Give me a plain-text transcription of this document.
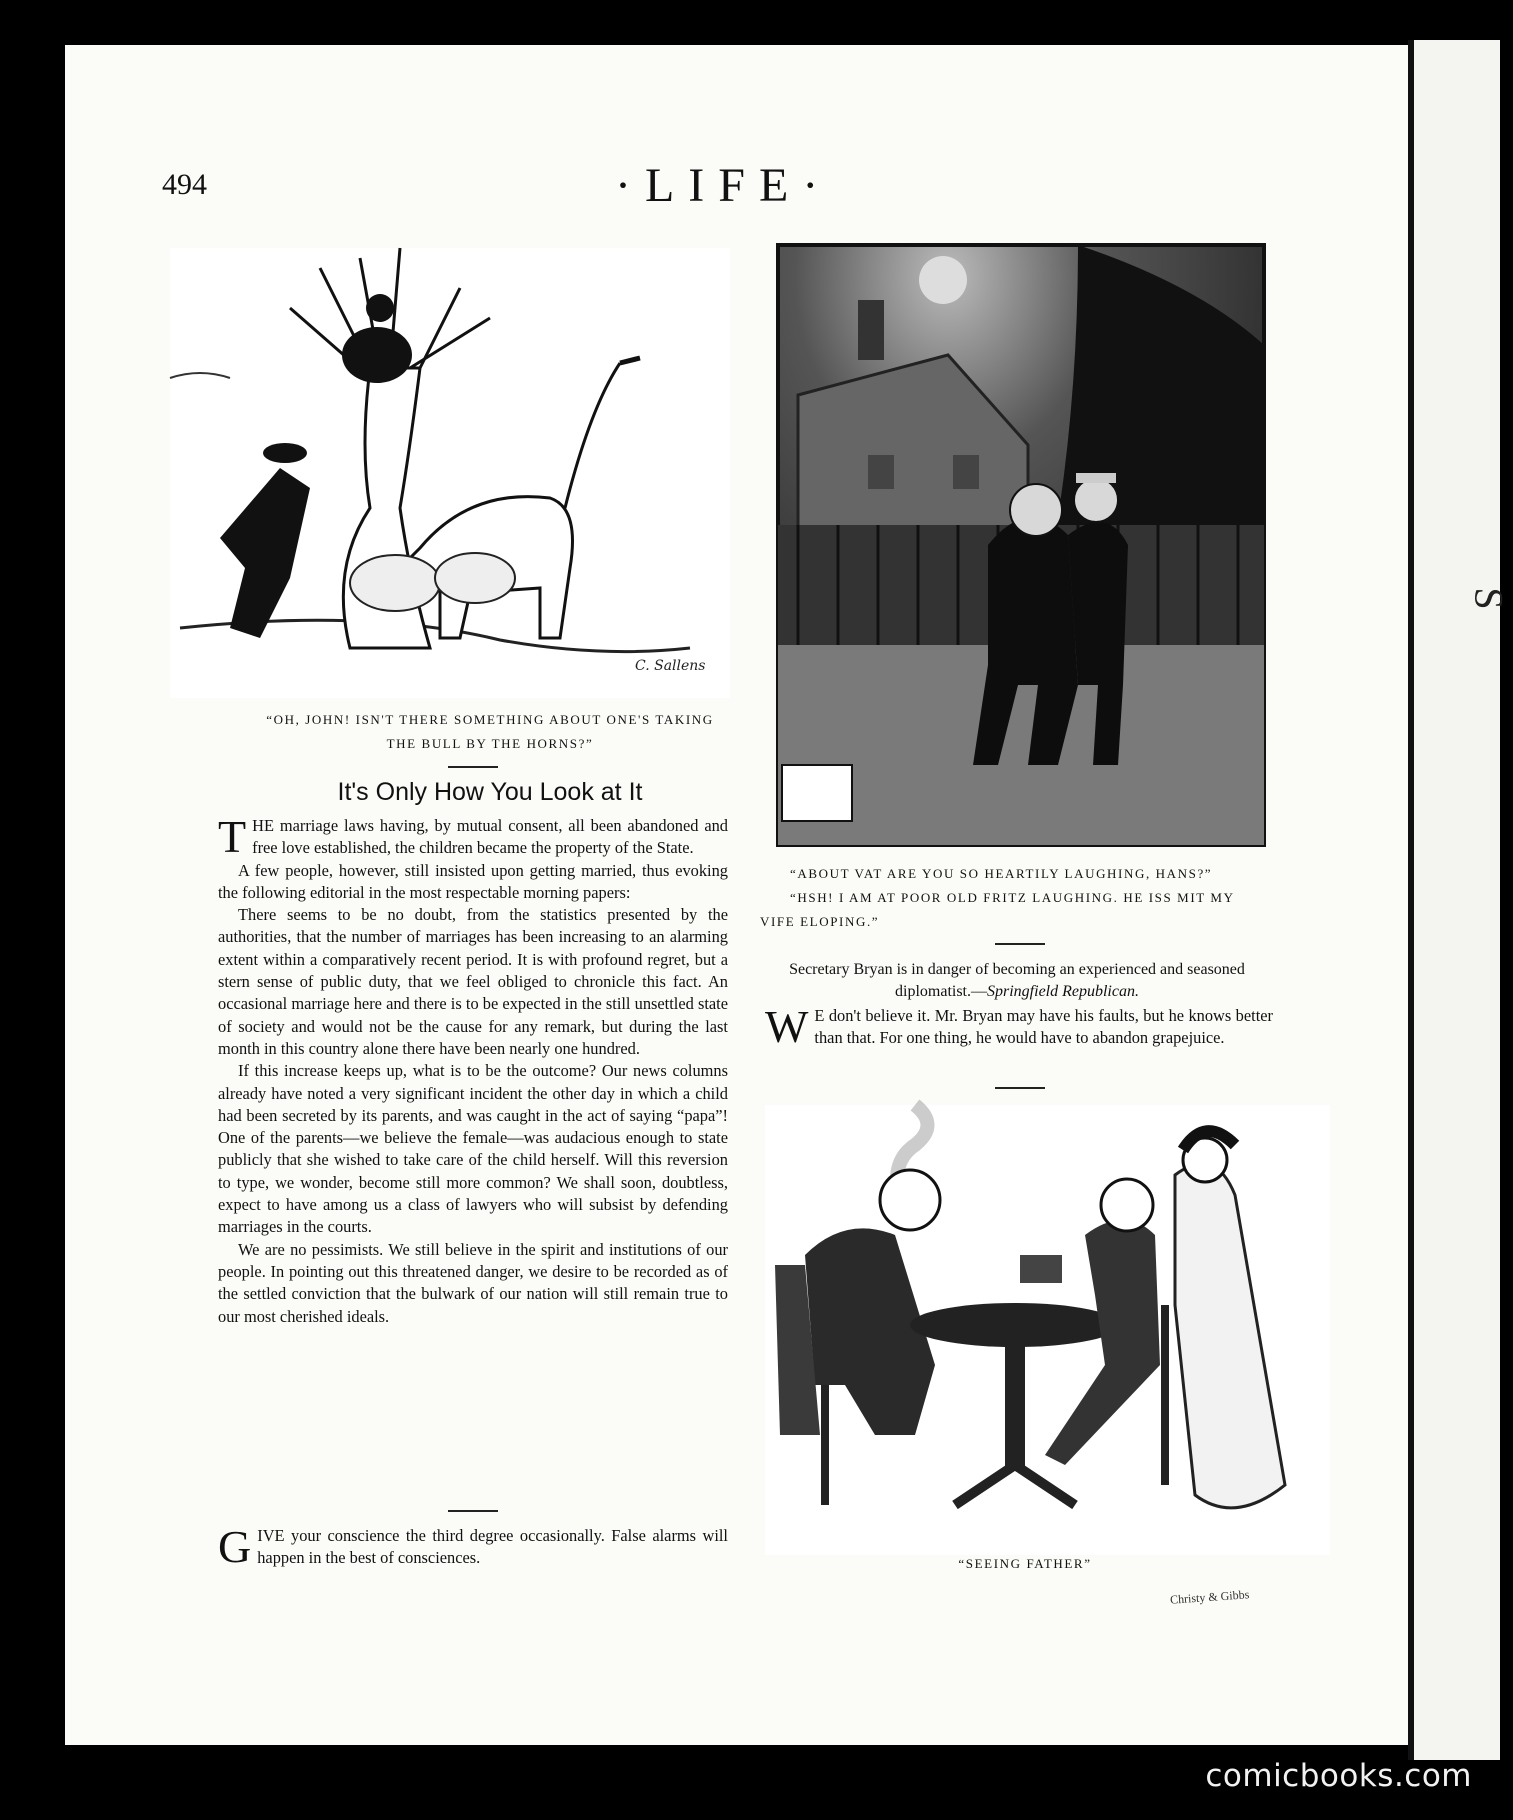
S
494	·LIFE·
C. Sallens
“OH, JOHN! ISN'T THERE SOMETHING ABOUT ONE'S TAKING
THE BULL BY THE HORNS?”
It's Only How You Look at It

THE marriage laws having, by mutual consent, all been abandoned and free love established, the children became the property of the State.

A few people, however, still insisted upon getting married, thus evoking the following editorial in the most respectable morning papers:

There seems to be no doubt, from the statistics presented by the authorities, that the number of marriages has been increasing to an alarming extent within a comparatively recent period. It is with profound regret, but a stern sense of public duty, that we feel obliged to chronicle this fact. An occasional marriage here and there is to be expected in the still unsettled state of society and would not be the cause for any remark, but during the last month in this country alone there have been nearly one hundred.

If this increase keeps up, what is to be the outcome? Our news columns already have noted a very significant incident the other day in which a child had been secreted by its parents, and was caught in the act of saying “papa”! One of the parents—we believe the female—was audacious enough to state publicly that she wished to take care of the child herself. Will this reversion to type, we wonder, become still more common? We shall soon, doubtless, expect to have among us a class of lawyers who will subsist by defending marriages in the courts.

We are no pessimists. We still believe in the spirit and institutions of our people. In pointing out this threatened danger, we desire to be recorded as of the settled conviction that the bulwark of our nation will still remain true to our most cherished ideals.

GIVE your conscience the third degree occasionally. False alarms will happen in the best of consciences.

“ABOUT VAT ARE YOU SO HEARTILY LAUGHING, HANS?”
“HSH! I AM AT POOR OLD FRITZ LAUGHING. HE ISS MIT MY VIFE ELOPING.”
Secretary Bryan is in danger of becoming an experienced and seasoned diplomatist.—Springfield Republican.

W E don't believe it. Mr. Bryan may have his faults, but he knows better than that. For one thing, he would have to abandon grapejuice.

Christy & Gibbs
“SEEING FATHER”
comicbooks.com
